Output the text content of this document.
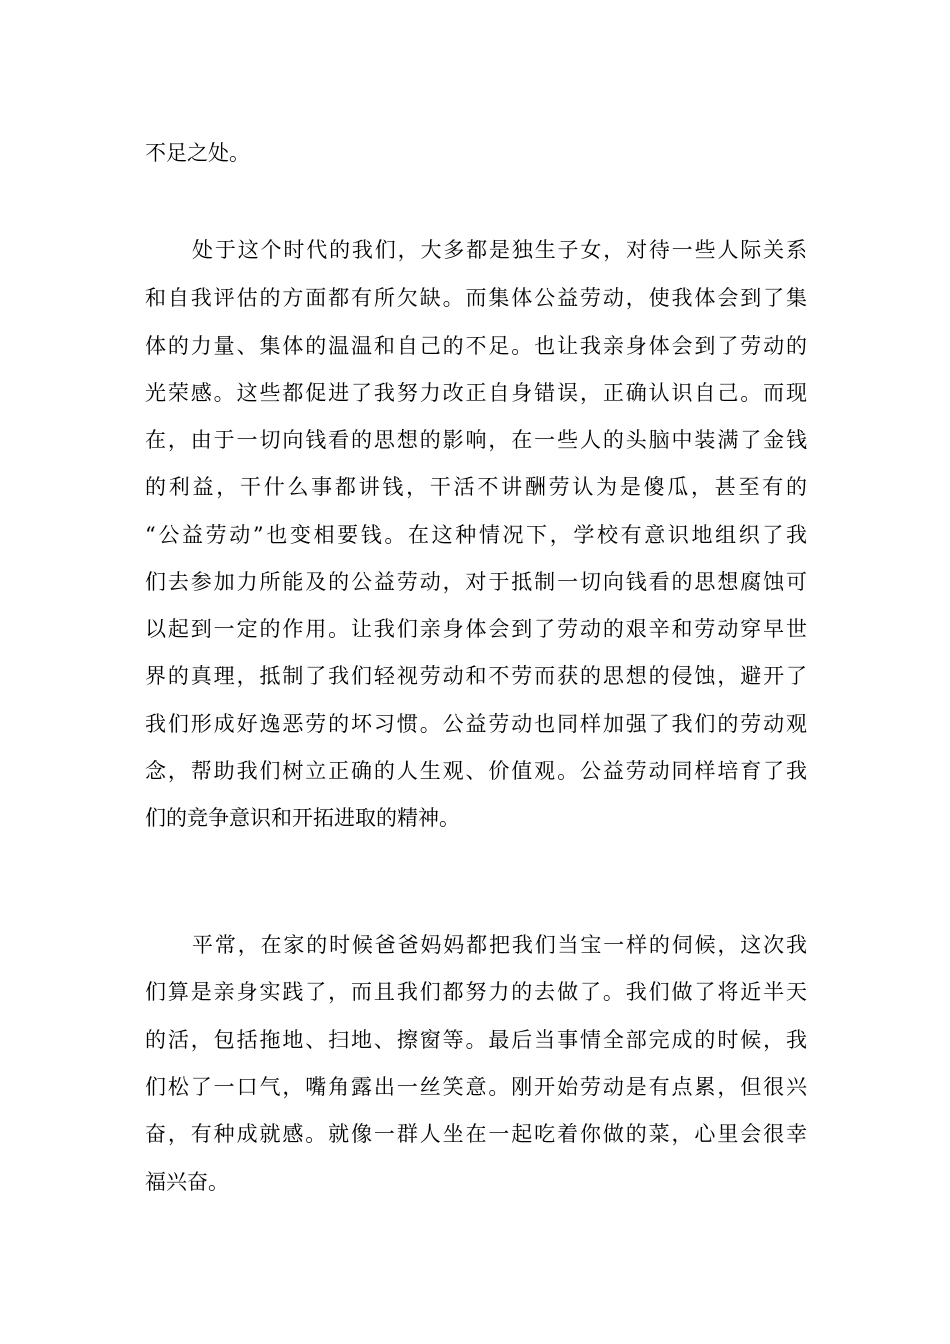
不足之处。
处于这个时代的我们，大多都是独生子女，对待一些人际关系
和自我评估的方面都有所欠缺。而集体公益劳动，使我体会到了集
体的力量、集体的温温和自己的不足。也让我亲身体会到了劳动的
光荣感。这些都促进了我努力改正自身错误，正确认识自己。而现
在，由于一切向钱看的思想的影响，在一些人的头脑中装满了金钱
的利益，干什么事都讲钱，干活不讲酬劳认为是傻瓜，甚至有的
“公益劳动”也变相要钱。在这种情况下，学校有意识地组织了我
们去参加力所能及的公益劳动，对于抵制一切向钱看的思想腐蚀可
以起到一定的作用。让我们亲身体会到了劳动的艰辛和劳动穿早世
界的真理，抵制了我们轻视劳动和不劳而获的思想的侵蚀，避开了
我们形成好逸恶劳的坏习惯。公益劳动也同样加强了我们的劳动观
念，帮助我们树立正确的人生观、价值观。公益劳动同样培育了我
们的竞争意识和开拓进取的精神。
平常，在家的时候爸爸妈妈都把我们当宝一样的伺候，这次我
们算是亲身实践了，而且我们都努力的去做了。我们做了将近半天
的活，包括拖地、扫地、擦窗等。最后当事情全部完成的时候，我
们松了一口气，嘴角露出一丝笑意。刚开始劳动是有点累，但很兴
奋，有种成就感。就像一群人坐在一起吃着你做的菜，心里会很幸
福兴奋。
